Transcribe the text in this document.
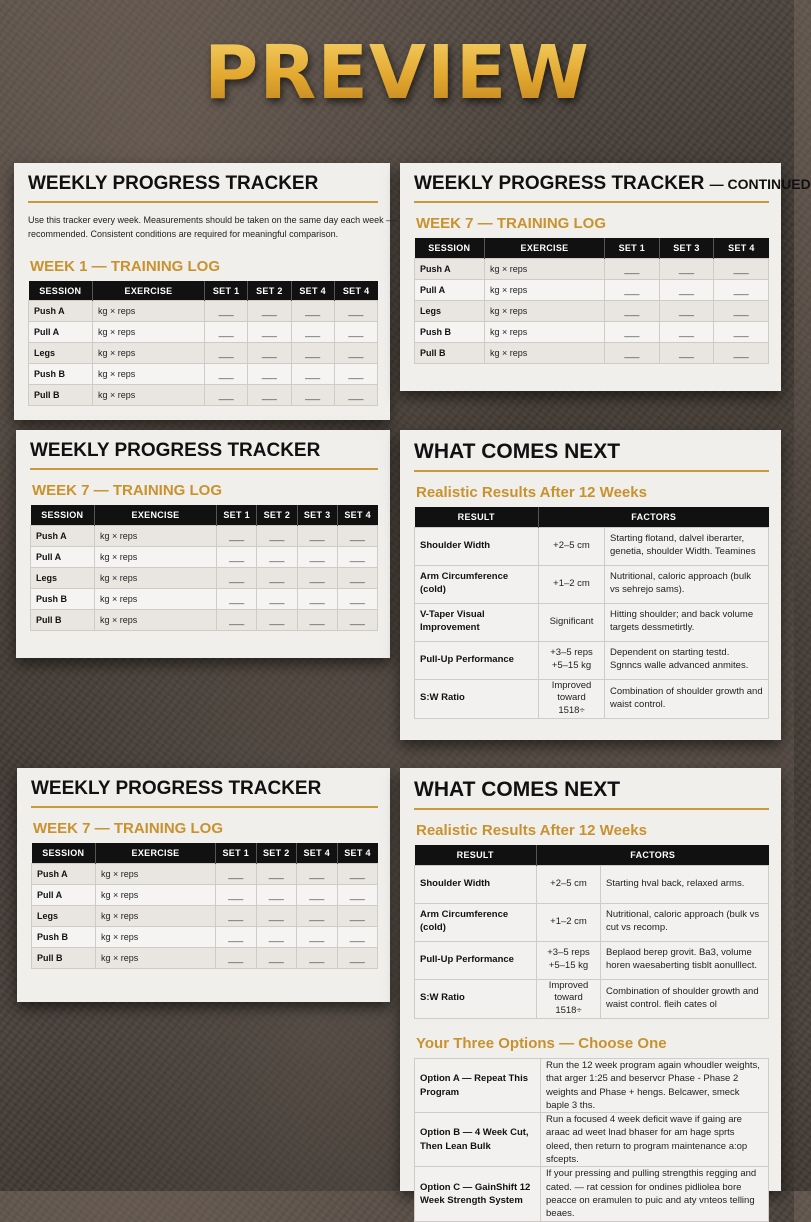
PREVIEW
WEEKLY PROGRESS TRACKER
Use this tracker every week. Measurements should be taken on the same day each week —
recommended. Consistent conditions are required for meaningful comparison.
WEEK 1 — TRAINING LOG
SESSION	EXERCISE	SET 1	SET 2	SET 4	SET 4
Push A	kg × reps	___	___	___	___
Pull A	kg × reps	___	___	___	___
Legs	kg × reps	___	___	___	___
Push B	kg × reps	___	___	___	___
Pull B	kg × reps	___	___	___	___
WEEKLY PROGRESS TRACKER — CONTINUED
WEEK 7 — TRAINING LOG
SESSION	EXERCISE	SET 1	SET 3	SET 4
Push A	kg × reps	___	___	___
Pull A	kg × reps	___	___	___
Legs	kg × reps	___	___	___
Push B	kg × reps	___	___	___
Pull B	kg × reps	___	___	___
WEEKLY PROGRESS TRACKER
WEEK 7 — TRAINING LOG
SESSION	EXENCISE	SET 1	SET 2	SET 3	SET 4
Push A	kg × reps	___	___	___	___
Pull A	kg × reps	___	___	___	___
Legs	kg × reps	___	___	___	___
Push B	kg × reps	___	___	___	___
Pull B	kg × reps	___	___	___	___
WHAT COMES NEXT
Realistic Results After 12 Weeks
RESULT	FACTORS	
Shoulder Width	+2–5 cm	Starting flotand, dalvel iberarter, genetia, shoulder Width. Teamines
Arm Circumference (cold)	+1–2 cm	Nutritional, caloric approach (bulk vs sehrejo sams).
V-Taper Visual Improvement	Significant	Hitting shoulder; and back volume targets dessmetirtly.
Pull-Up Performance	+3–5 reps +5–15 kg	Dependent on starting testd. Sgnncs walle advanced anmites.
S:W Ratio	Improved toward 1518÷	Combination of shoulder growth and waist control.
WEEKLY PROGRESS TRACKER
WEEK 7 — TRAINING LOG
SESSION	EXERCISE	SET 1	SET 2	SET 4	SET 4
Push A	kg × reps	___	___	___	___
Pull A	kg × reps	___	___	___	___
Legs	kg × reps	___	___	___	___
Push B	kg × reps	___	___	___	___
Pull B	kg × reps	___	___	___	___
WHAT COMES NEXT
Realistic Results After 12 Weeks
RESULT	FACTORS	
Shoulder Width	+2–5 cm	Starting hval back, relaxed arms.
Arm Circumference (cold)	+1–2 cm	Nutritional, caloric approach (bulk vs cut vs recomp.
Pull-Up Performance	+3–5 reps +5–15 kg	Beplaod berep grovit. Ba3, volume horen waesaberting tisblt aonulllect.
S:W Ratio	Improved toward 1518÷	Combination of shoulder growth and waist control. fleih cates ol
Your Three Options — Choose One
Option A — Repeat This Program	Run the 12 week program again whoudler weights, that arger 1:25 and beservcr Phase - Phase 2 weights and Phase + hengs. Belcawer, smeck baple 3 ths.
Option B — 4 Week Cut, Then Lean Bulk	Run a focused 4 week deficit wave if gaing are araac ad weet lnad bhaser for am hage sprts oleed, then return to program maintenance a:op sfcepts.
Option C — GainShift 12 Week Strength System	If your pressing and pulling strengthis regging and cated. — rat cession for ondines pidliolea bore peacce on eramulen to puic and aty vnteos telling beaes.
